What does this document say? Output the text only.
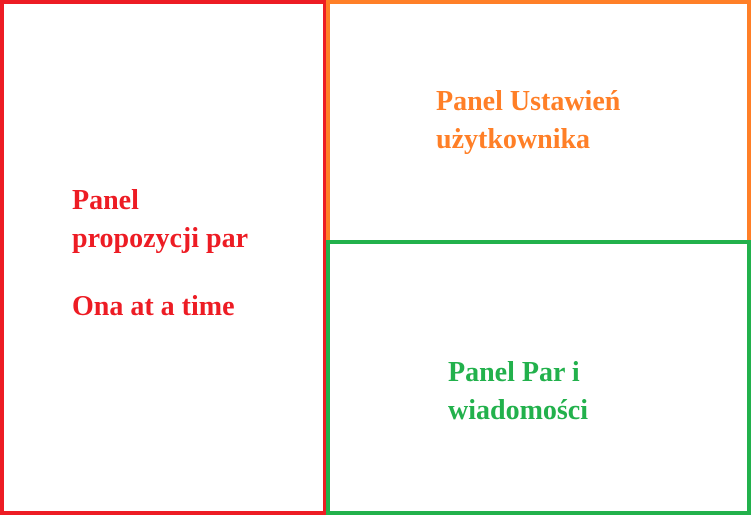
Panel
propozycji par
Ona at a time
Panel Ustawień
użytkownika
Panel Par i
wiadomości
